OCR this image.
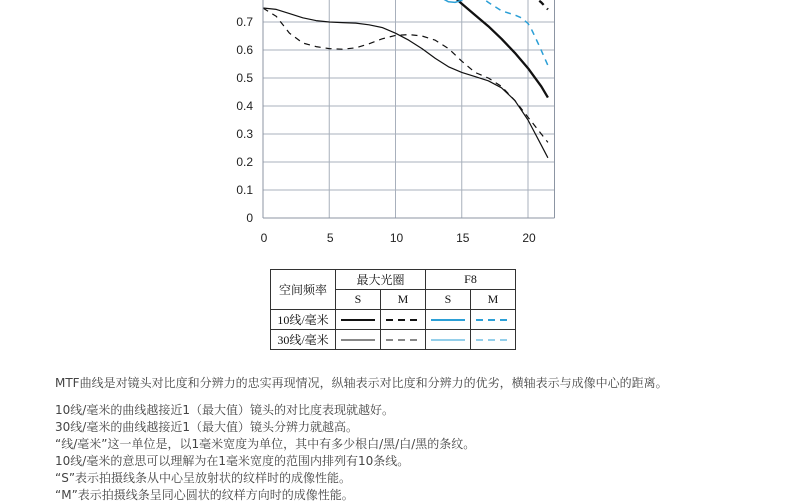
0	5	10	15	20
0
0.1
0.2
0.3
0.4
0.5
0.6
0.7
空间频率	最大光圈		F8	
	S	M	S	M
10线/毫米	

30线/毫米	

MTF曲线是对镜头对比度和分辨力的忠实再现情况，纵轴表示对比度和分辨力的优劣，横轴表示与成像中心的距离。

10线/毫米的曲线越接近1（最大值）镜头的对比度表现就越好。

30线/毫米的曲线越接近1（最大值）镜头分辨力就越高。

“线/毫米”这一单位是，以1毫米宽度为单位，其中有多少根白/黑/白/黑的条纹。

10线/毫米的意思可以理解为在1毫米宽度的范围内排列有10条线。

“S”表示拍摄线条从中心呈放射状的纹样时的成像性能。

“M”表示拍摄线条呈同心圆状的纹样方向时的成像性能。
